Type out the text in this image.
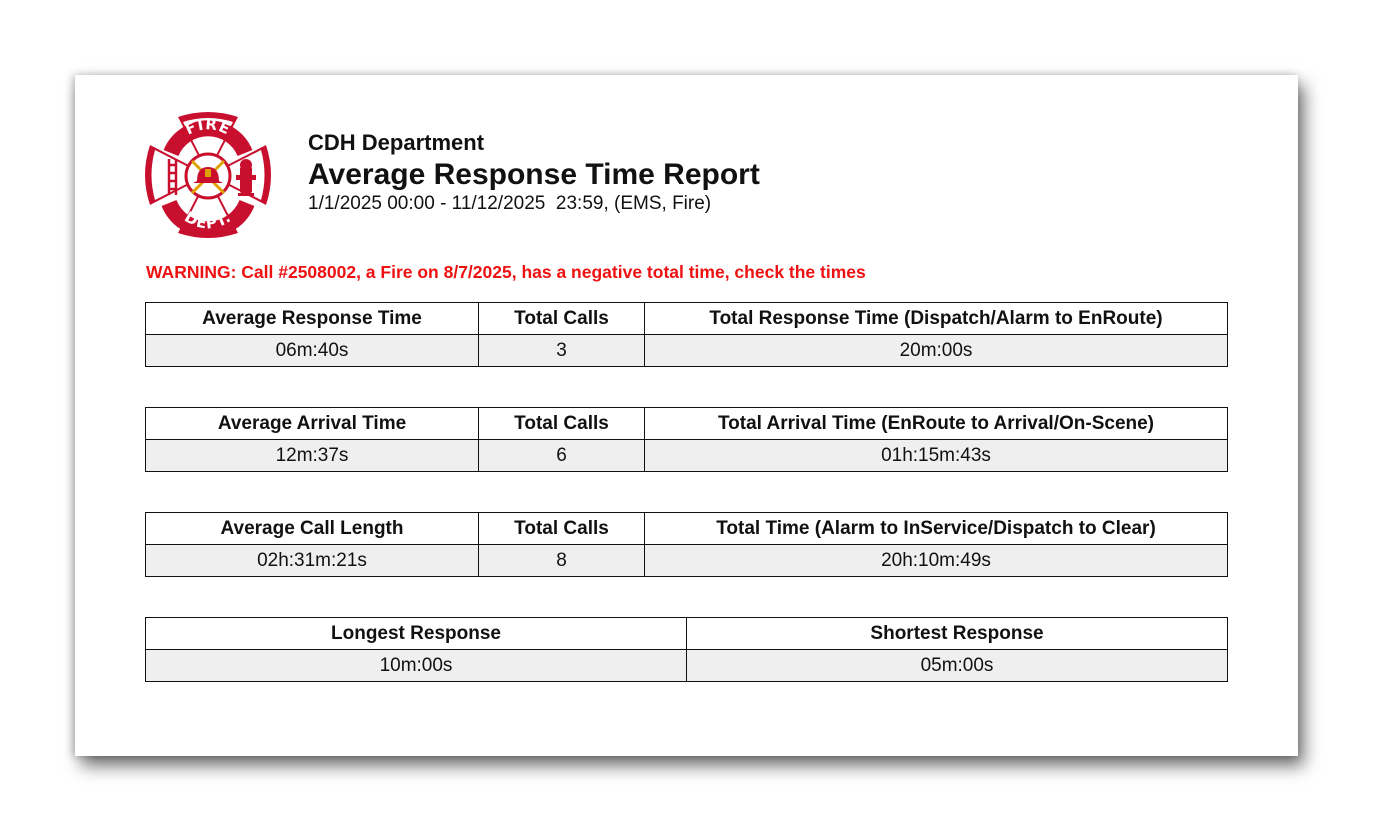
FIRE
DEPT.
CDH Department
Average Response Time Report
1/1/2025 00:00 - 11/12/2025  23:59, (EMS, Fire)
WARNING: Call #2508002, a Fire on 8/7/2025, has a negative total time, check the times
Average Response Time	Total Calls	Total Response Time (Dispatch/Alarm to EnRoute)
06m:40s	3	20m:00s
Average Arrival Time	Total Calls	Total Arrival Time (EnRoute to Arrival/On-Scene)
12m:37s	6	01h:15m:43s
Average Call Length	Total Calls	Total Time (Alarm to InService/Dispatch to Clear)
02h:31m:21s	8	20h:10m:49s
Longest Response	Shortest Response
10m:00s	05m:00s
